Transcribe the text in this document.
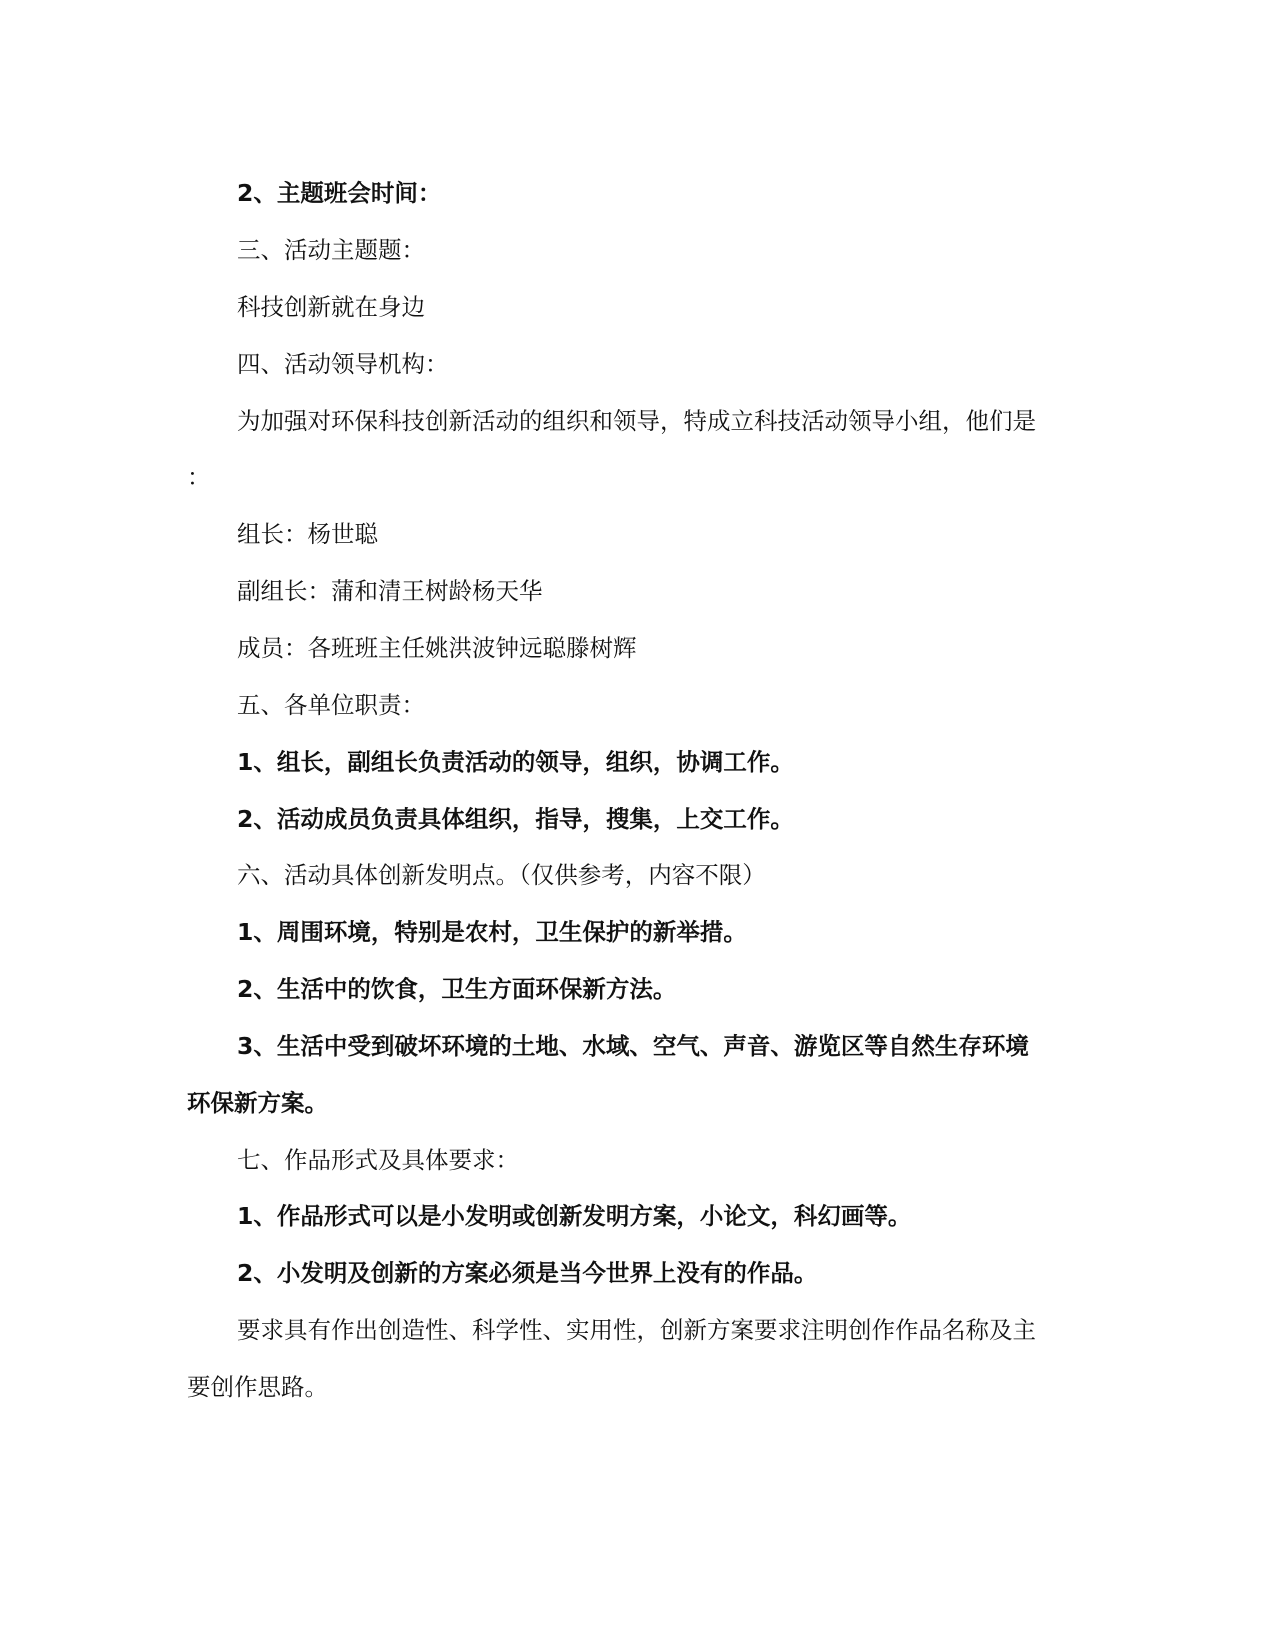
2、主题班会时间：
三、活动主题题：
科技创新就在身边
四、活动领导机构：
为加强对环保科技创新活动的组织和领导，特成立科技活动领导小组，他们是
：
组长：杨世聪
副组长：蒲和清王树龄杨天华
成员：各班班主任姚洪波钟远聪滕树辉
五、各单位职责：
1、组长，副组长负责活动的领导，组织，协调工作。
2、活动成员负责具体组织，指导，搜集，上交工作。
六、活动具体创新发明点。（仅供参考，内容不限）
1、周围环境，特别是农村，卫生保护的新举措。
2、生活中的饮食，卫生方面环保新方法。
3、生活中受到破坏环境的土地、水域、空气、声音、游览区等自然生存环境
环保新方案。
七、作品形式及具体要求：
1、作品形式可以是小发明或创新发明方案，小论文，科幻画等。
2、小发明及创新的方案必须是当今世界上没有的作品。
要求具有作出创造性、科学性、实用性，创新方案要求注明创作作品名称及主
要创作思路。
